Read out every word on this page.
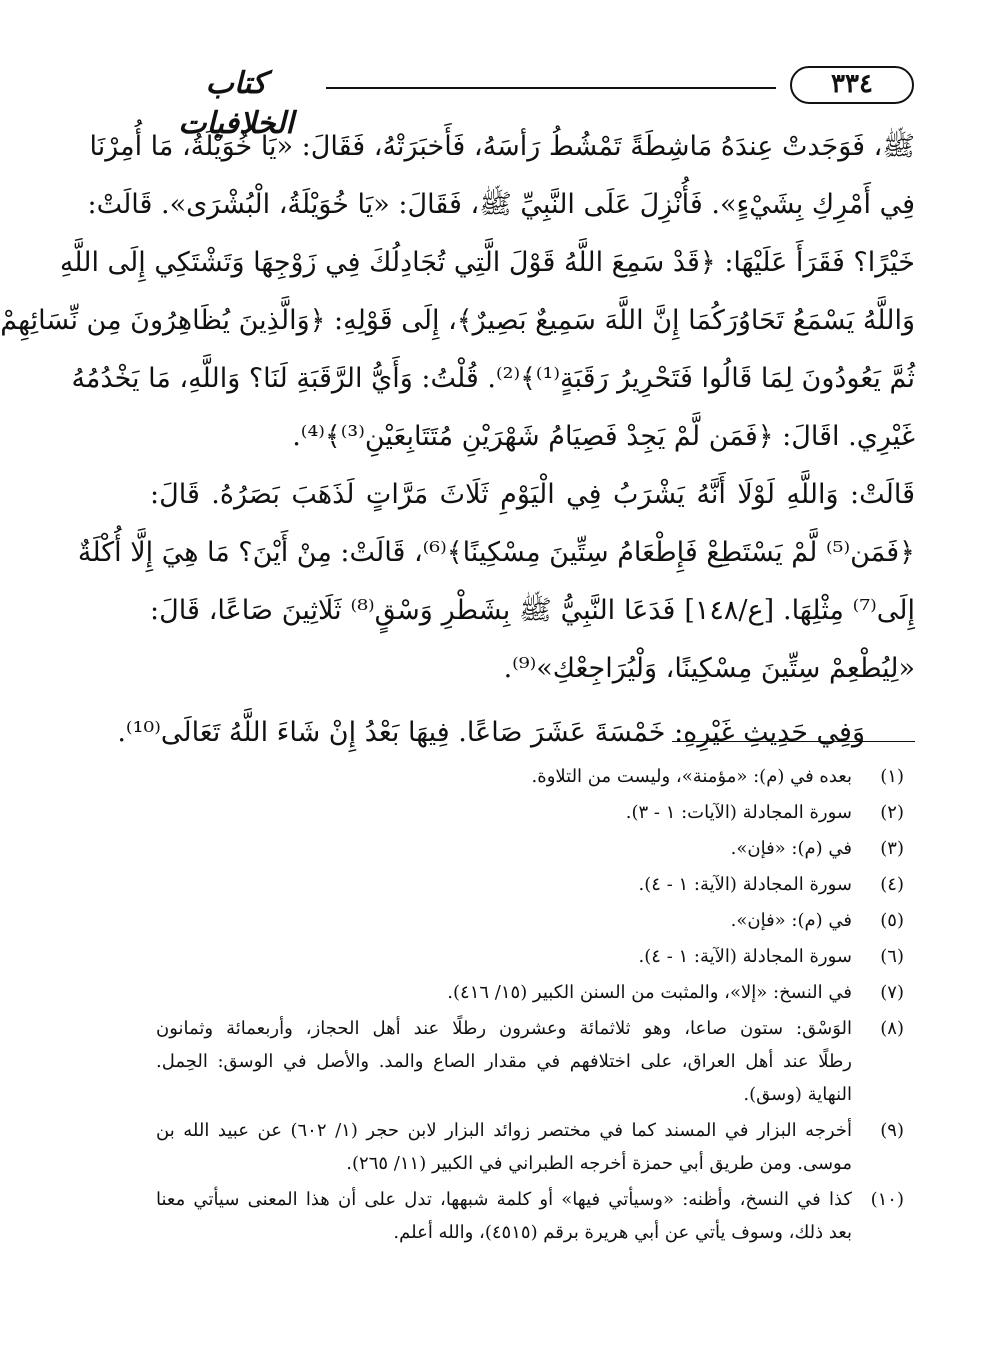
٣٣٤
كتاب الخلافيات
ﷺ، فَوَجَدتْ عِندَهُ مَاشِطَةً تَمْشُطُ رَأسَهُ، فَأَخبَرَتْهُ، فَقَالَ: «يَا خُوَيْلَةُ، مَا أُمِرْنَا
فِي أَمْرِكِ بِشَيْءٍ». فَأُنْزِلَ عَلَى النَّبِيِّ ﷺ، فَقَالَ: «يَا خُوَيْلَةُ، الْبُشْرَى». قَالَتْ:
خَيْرًا؟ فَقَرَأَ عَلَيْهَا: ﴿قَدْ سَمِعَ اللَّهُ قَوْلَ الَّتِي تُجَادِلُكَ فِي زَوْجِهَا وَتَشْتَكِي إِلَى اللَّهِ
وَاللَّهُ يَسْمَعُ تَحَاوُرَكُمَا إِنَّ اللَّهَ سَمِيعٌ بَصِيرٌ﴾، إِلَى قَوْلِهِ: ﴿وَالَّذِينَ يُظَاهِرُونَ مِن نِّسَائِهِمْ
ثُمَّ يَعُودُونَ لِمَا قَالُوا فَتَحْرِيرُ رَقَبَةٍ⁽¹⁾﴾⁽²⁾. قُلْتُ: وَأَيُّ الرَّقَبَةِ لَنَا؟ وَاللَّهِ، مَا يَخْدُمُهُ
غَيْرِي. اقَالَ: ﴿فَمَن لَّمْ يَجِدْ فَصِيَامُ شَهْرَيْنِ مُتَتَابِعَيْنِ⁽³⁾﴾⁽⁴⁾.
قَالَتْ: وَاللَّهِ لَوْلَا أَنَّهُ يَشْرَبُ فِي الْيَوْمِ ثَلَاثَ مَرَّاتٍ لَذَهَبَ بَصَرُهُ. قَالَ:
﴿فَمَن⁽⁵⁾ لَّمْ يَسْتَطِعْ فَإِطْعَامُ سِتِّينَ مِسْكِينًا﴾⁽⁶⁾، قَالَتْ: مِنْ أَيْنَ؟ مَا هِيَ إِلَّا أُكْلَةٌ
إِلَى⁽⁷⁾ مِثْلِهَا. [ع/١٤٨] فَدَعَا النَّبِيُّ ﷺ بِشَطْرِ وَسْقٍ⁽⁸⁾ ثَلَاثِينَ صَاعًا، قَالَ:
«لِيُطْعِمْ سِتِّينَ مِسْكِينًا، وَلْيُرَاجِعْكِ»⁽⁹⁾.
وَفِي حَدِيثِ غَيْرِهِ: خَمْسَةَ عَشَرَ صَاعًا. فِيهَا بَعْدُ إِنْ شَاءَ اللَّهُ تَعَالَى⁽¹⁰⁾.
(١)
بعده في (م): «مؤمنة»، وليست من التلاوة.
(٢)
سورة المجادلة (الآيات: ١ - ٣).
(٣)
في (م): «فإن».
(٤)
سورة المجادلة (الآية: ١ - ٤).
(٥)
في (م): «فإن».
(٦)
سورة المجادلة (الآية: ١ - ٤).
(٧)
في النسخ: «إلا»، والمثبت من السنن الكبير (١٥/ ٤١٦).
(٨)
الوَسْق: ستون صاعا، وهو ثلاثمائة وعشرون رطلًا عند أهل الحجاز، وأربعمائة وثمانون
رطلًا عند أهل العراق، على اختلافهم في مقدار الصاع والمد. والأصل في الوسق: الحِمل.
النهاية (وسق).
(٩)
أخرجه البزار في المسند كما في مختصر زوائد البزار لابن حجر (١/ ٦٠٢) عن عبيد الله بن
موسى. ومن طريق أبي حمزة أخرجه الطبراني في الكبير (١١/ ٢٦٥).
(١٠)
كذا في النسخ، وأظنه: «وسيأتي فيها» أو كلمة شبهها، تدل على أن هذا المعنى سيأتي معنا
بعد ذلك، وسوف يأتي عن أبي هريرة برقم (٤٥١٥)، والله أعلم.
